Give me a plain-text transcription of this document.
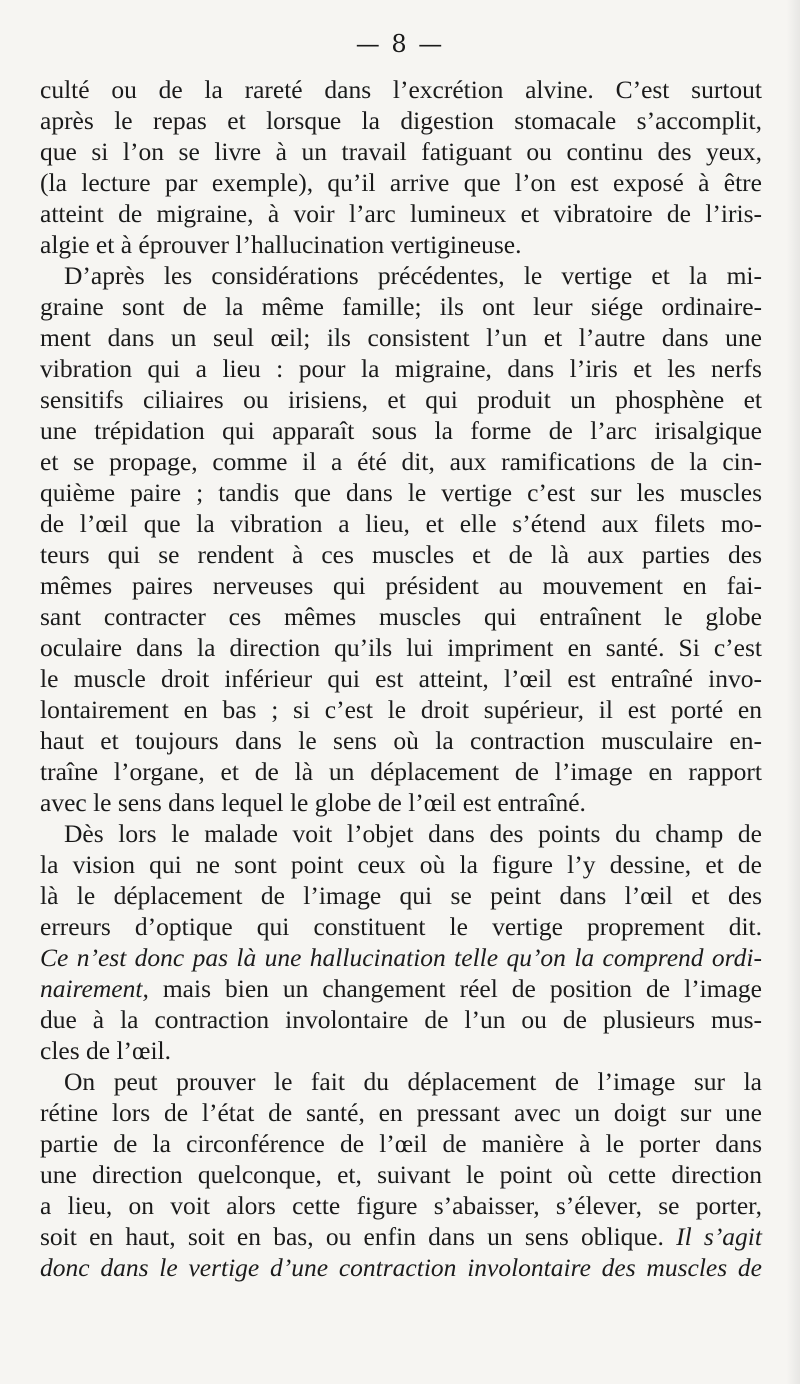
— 8 —
culté ou de la rareté dans l’excrétion alvine. C’est surtout
après le repas et lorsque la digestion stomacale s’accomplit,
que si l’on se livre à un travail fatiguant ou continu des yeux,
(la lecture par exemple), qu’il arrive que l’on est exposé à être
atteint de migraine, à voir l’arc lumineux et vibratoire de l’iris-
algie et à éprouver l’hallucination vertigineuse.
D’après les considérations précédentes, le vertige et la mi-
graine sont de la même famille; ils ont leur siége ordinaire-
ment dans un seul œil; ils consistent l’un et l’autre dans une
vibration qui a lieu : pour la migraine, dans l’iris et les nerfs
sensitifs ciliaires ou irisiens, et qui produit un phosphène et
une trépidation qui apparaît sous la forme de l’arc irisalgique
et se propage, comme il a été dit, aux ramifications de la cin-
quième paire ; tandis que dans le vertige c’est sur les muscles
de l’œil que la vibration a lieu, et elle s’étend aux filets mo-
teurs qui se rendent à ces muscles et de là aux parties des
mêmes paires nerveuses qui président au mouvement en fai-
sant contracter ces mêmes muscles qui entraînent le globe
oculaire dans la direction qu’ils lui impriment en santé. Si c’est
le muscle droit inférieur qui est atteint, l’œil est entraîné invo-
lontairement en bas ; si c’est le droit supérieur, il est porté en
haut et toujours dans le sens où la contraction musculaire en-
traîne l’organe, et de là un déplacement de l’image en rapport
avec le sens dans lequel le globe de l’œil est entraîné.
Dès lors le malade voit l’objet dans des points du champ de
la vision qui ne sont point ceux où la figure l’y dessine, et de
là le déplacement de l’image qui se peint dans l’œil et des
erreurs d’optique qui constituent le vertige proprement dit.
Ce n’est donc pas là une hallucination telle qu’on la comprend ordi-
nairement, mais bien un changement réel de position de l’image
due à la contraction involontaire de l’un ou de plusieurs mus-
cles de l’œil.
On peut prouver le fait du déplacement de l’image sur la
rétine lors de l’état de santé, en pressant avec un doigt sur une
partie de la circonférence de l’œil de manière à le porter dans
une direction quelconque, et, suivant le point où cette direction
a lieu, on voit alors cette figure s’abaisser, s’élever, se porter,
soit en haut, soit en bas, ou enfin dans un sens oblique. Il s’agit
donc dans le vertige d’une contraction involontaire des muscles de
